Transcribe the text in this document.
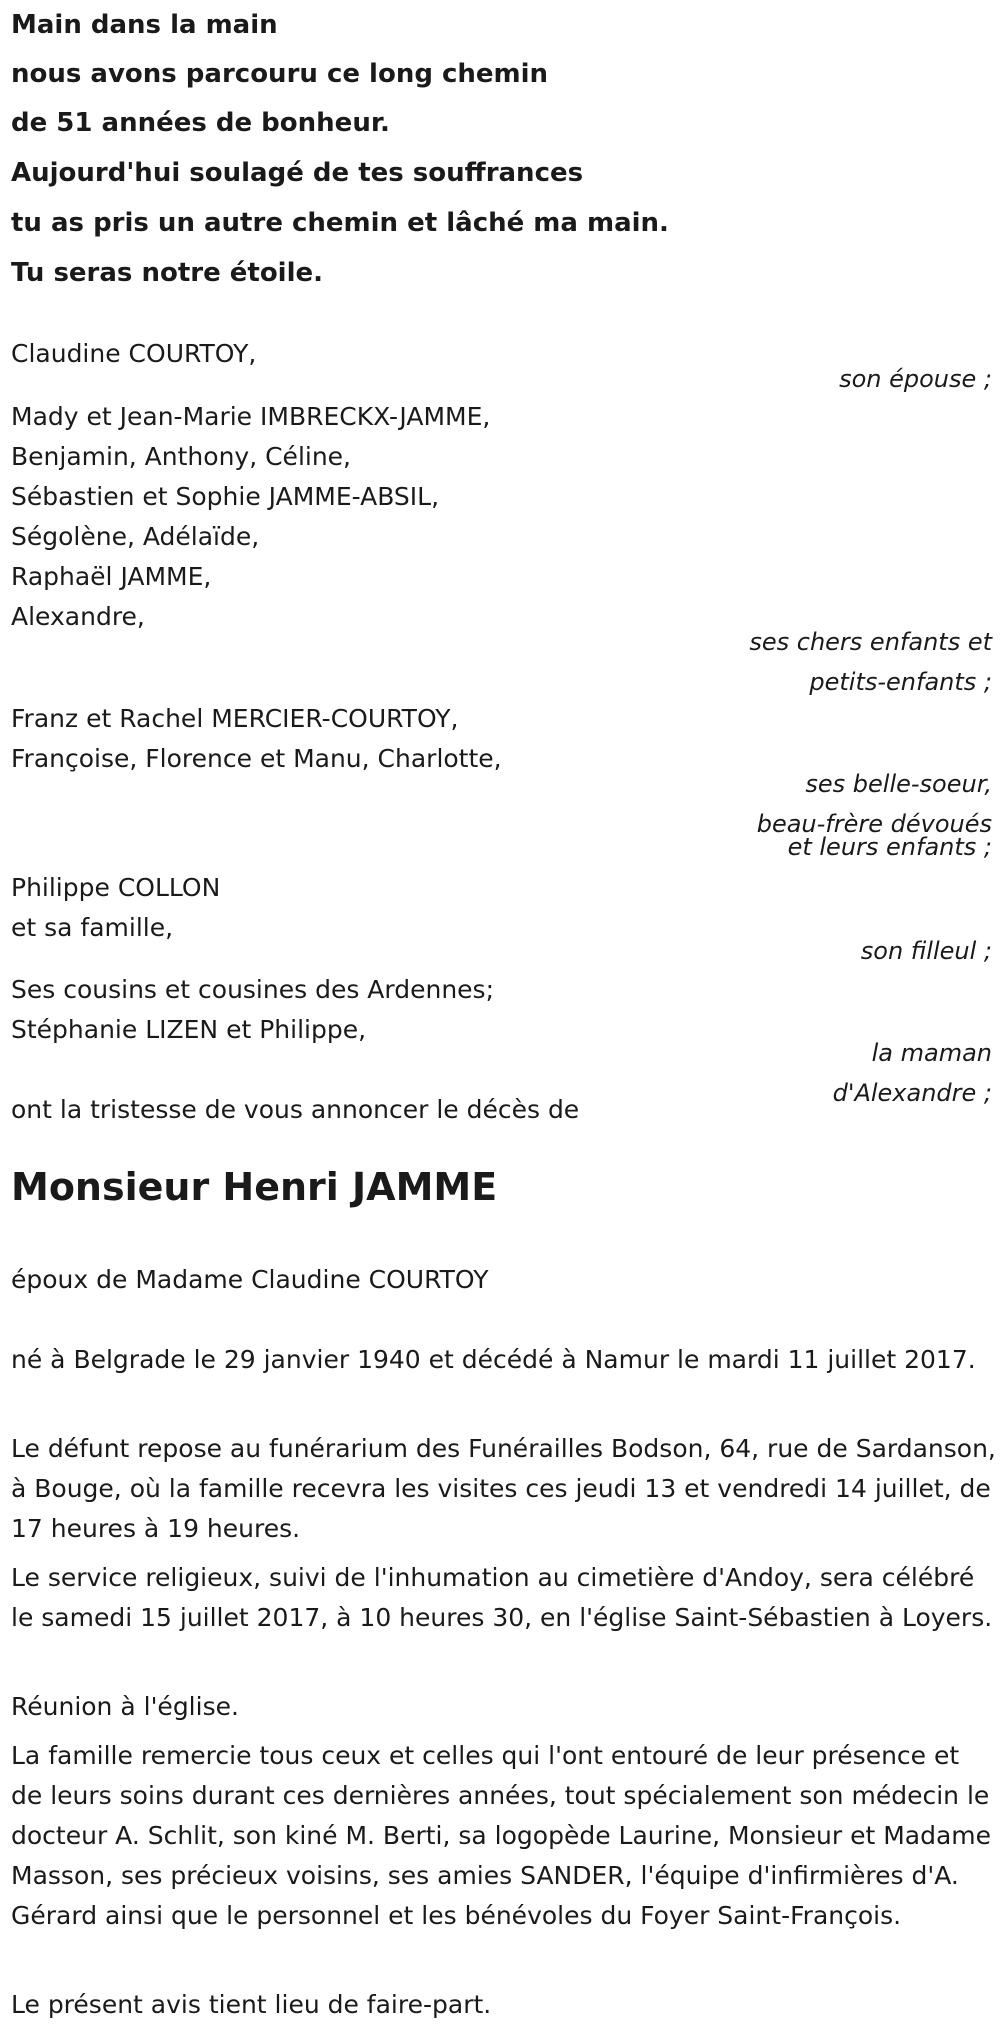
Main dans la main
nous avons parcouru ce long chemin
de 51 années de bonheur.
Aujourd'hui soulagé de tes souffrances
tu as pris un autre chemin et lâché ma main.
Tu seras notre étoile.
Claudine COURTOY,
son épouse ;
Mady et Jean-Marie IMBRECKX-JAMME,
Benjamin, Anthony, Céline,
Sébastien et Sophie JAMME-ABSIL,
Ségolène, Adélaïde,
Raphaël JAMME,
Alexandre,
ses chers enfants et
petits-enfants ;
Franz et Rachel MERCIER-COURTOY,
Françoise, Florence et Manu, Charlotte,
ses belle-soeur,
beau-frère dévoués
et leurs enfants ;
Philippe COLLON
et sa famille,
son filleul ;
Ses cousins et cousines des Ardennes;
Stéphanie LIZEN et Philippe,
la maman
d'Alexandre ;
ont la tristesse de vous annoncer le décès de
Monsieur Henri JAMME
époux de Madame Claudine COURTOY
né à Belgrade le 29 janvier 1940 et décédé à Namur le mardi 11 juillet 2017.
Le défunt repose au funérarium des Funérailles Bodson, 64, rue de Sardanson, à Bouge, où la famille recevra les visites ces jeudi 13 et vendredi 14 juillet, de 17 heures à 19 heures.
Le service religieux, suivi de l'inhumation au cimetière d'Andoy, sera célébré le samedi 15 juillet 2017, à 10 heures 30, en l'église Saint-Sébastien à Loyers.
Réunion à l'église.
La famille remercie tous ceux et celles qui l'ont entouré de leur présence et de leurs soins durant ces dernières années, tout spécialement son médecin le docteur A. Schlit, son kiné M. Berti, sa logopède Laurine, Monsieur et Madame Masson, ses précieux voisins, ses amies SANDER, l'équipe d'infirmières d'A. Gérard ainsi que le personnel et les bénévoles du Foyer Saint-François.
Le présent avis tient lieu de faire-part.
